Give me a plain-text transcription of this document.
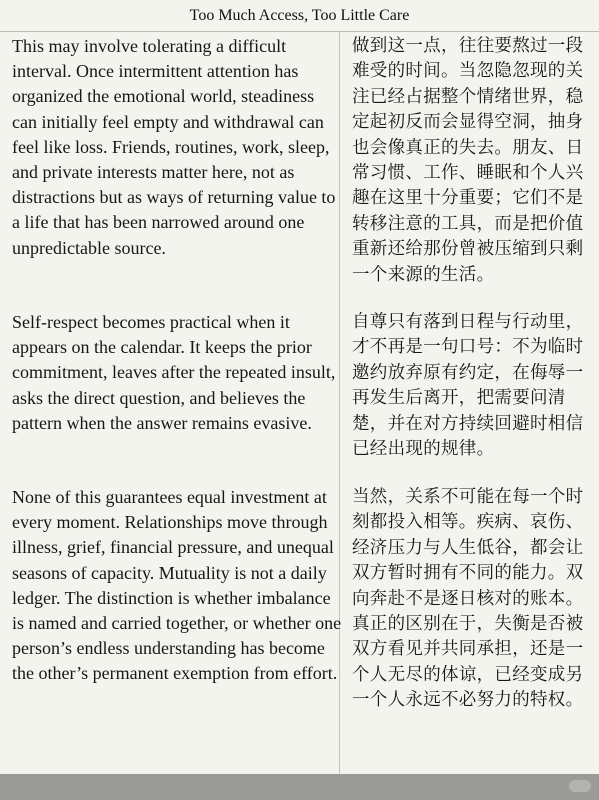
Too Much Access, Too Little Care

This may involve tolerating a difficult interval. Once intermittent attention has organized the emotional world, steadiness can initially feel empty and withdrawal can feel like loss. Friends, routines, work, sleep, and private interests matter here, not as distractions but as ways of returning value to a life that has been narrowed around one unpredictable source.

做到这一点，往往要熬过一段难受的时间。当忽隐忽现的关注已经占据整个情绪世界，稳定起初反而会显得空洞，抽身也会像真正的失去。朋友、日常习惯、工作、睡眠和个人兴趣在这里十分重要；它们不是转移注意的工具，而是把价值重新还给那份曾被压缩到只剩一个来源的生活。

Self-respect becomes practical when it appears on the calendar. It keeps the prior commitment, leaves after the repeated insult, asks the direct question, and believes the pattern when the answer remains evasive.

自尊只有落到日程与行动里，才不再是一句口号：不为临时邀约放弃原有约定，在侮辱一再发生后离开，把需要问清楚，并在对方持续回避时相信已经出现的规律。

None of this guarantees equal investment at every moment. Relationships move through illness, grief, financial pressure, and unequal seasons of capacity. Mutuality is not a daily ledger. The distinction is whether imbalance is named and carried together, or whether one person’s endless understanding has become the other’s permanent exemption from effort.

当然，关系不可能在每一个时刻都投入相等。疾病、哀伤、经济压力与人生低谷，都会让双方暂时拥有不同的能力。双向奔赴不是逐日核对的账本。真正的区别在于，失衡是否被双方看见并共同承担，还是一个人无尽的体谅，已经变成另一个人永远不必努力的特权。
